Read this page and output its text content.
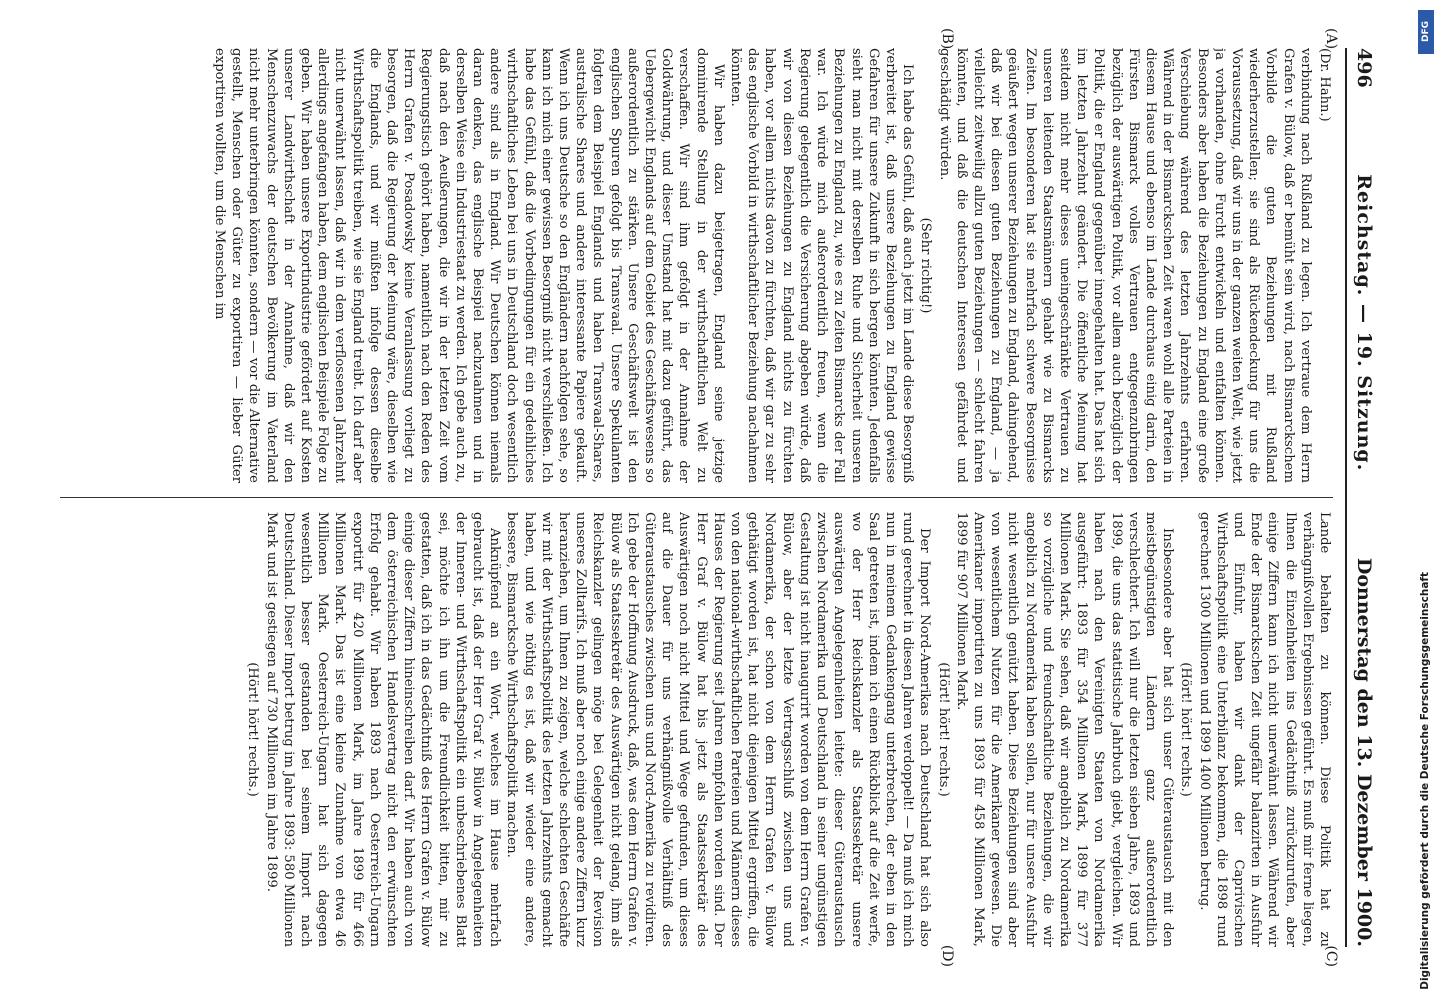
496
Reichstag. — 19. Sitzung.
Donnerstag den 13. Dezember 1900.
(A)
(B)
(C)
(D)
(Dr. Hahn.)

verbindung nach Rußland zu legen. Ich vertraue dem Herrn Grafen v. Bülow, daß er bemüht sein wird, nach Bismarckschem Vorbilde die guten Beziehungen mit Rußland wiederherzustellen; sie sind als Rückendeckung für uns die Voraussetzung, daß wir uns in der ganzen weiten Welt, wie jetzt ja vorhanden, ohne Furcht entwickeln und entfalten können. Besonders aber haben die Beziehungen zu England eine große Verschiebung während des letzten Jahrzehnts erfahren. Während in der Bismarckschen Zeit waren wohl alle Parteien in diesem Hause und ebenso im Lande durchaus einig darin, den Fürsten Bismarck volles Vertrauen entgegenzubringen bezüglich der auswärtigen Politik, vor allem auch bezüglich der Politik, die er England gegenüber innegehalten hat. Das hat sich im letzten Jahrzehnt geändert. Die öffentliche Meinung hat seitdem nicht mehr dieses uneingeschränkte Vertrauen zu unseren leitenden Staatsmännern gehabt wie zu Bismarcks Zeiten. Im besonderen hat sie mehrfach schwere Besorgnisse geäußert wegen unserer Beziehungen zu England, dahingehend, daß wir bei diesen guten Beziehungen zu England, — ja vielleicht zeitweilig allzu guten Beziehungen — schlecht fahren könnten, und daß die deutschen Interessen gefährdet und geschädigt würden.

(Sehr richtig!)

Ich habe das Gefühl, daß auch jetzt im Lande diese Besorgniß verbreitet ist, daß unsere Beziehungen zu England gewisse Gefahren für unsere Zukunft in sich bergen könnten. Jedenfalls sieht man nicht mit derselben Ruhe und Sicherheit unseren Beziehungen zu England zu, wie es zu Zeiten Bismarcks der Fall war. Ich würde mich außerordentlich freuen, wenn die Regierung gelegentlich die Versicherung abgeben würde, daß wir von diesen Beziehungen zu England nichts zu fürchten haben, vor allem nichts davon zu fürchten, daß wir gar zu sehr das englische Vorbild in wirthschaftlicher Beziehung nachahmen könnten.

Wir haben dazu beigetragen, England seine jetzige dominirende Stellung in der wirthschaftlichen Welt zu verschaffen. Wir sind ihm gefolgt in der Annahme der Goldwährung, und dieser Umstand hat mit dazu geführt, das Uebergewicht Englands auf dem Gebiet des Geschäftswesens so außerordentlich zu stärken. Unsere Geschäftswelt ist den englischen Spuren gefolgt bis Transvaal. Unsere Spekulanten folgten dem Beispiel Englands und haben Transvaal-Shares, australische Shares und andere interessante Papiere gekauft. Wenn ich uns Deutsche so den Engländern nachfolgen sehe, so kann ich mich einer gewissen Besorgniß nicht verschließen. Ich habe das Gefühl, daß die Vorbedingungen für ein gedeihliches wirthschaftliches Leben bei uns in Deutschland doch wesentlich andere sind als in England. Wir Deutschen können niemals daran denken, das englische Beispiel nachzuahmen und in derselben Weise ein Industriestaat zu werden. Ich gebe auch zu, daß nach den Aeußerungen, die wir in der letzten Zeit vom Regierungstisch gehört haben, namentlich nach den Reden des Herrn Grafen v. Posadowsky keine Veranlassung vorliegt zu besorgen, daß die Regierung der Meinung wäre, dieselben wie die Englands, und wir müßten infolge dessen dieselbe Wirthschaftspolitik treiben, wie sie England treibt. Ich darf aber nicht unerwähnt lassen, daß wir in dem verflossenen Jahrzehnt allerdings angefangen haben, dem englischen Beispiele Folge zu geben. Wir haben unsere Exportindustrie gefördert auf Kosten unserer Landwirthschaft in der Annahme, daß wir den Menschenzuwachs der deutschen Bevölkerung im Vaterland nicht mehr unterbringen könnten, sondern — vor die Alternative gestellt, Menschen oder Güter zu exportiren — lieber Güter exportiren wollten, um die Menschen im

Lande behalten zu können. Diese Politik hat zu verhängnißvollen Ergebnissen geführt. Es muß mir ferne liegen, Ihnen die Einzelnheiten ins Gedächtniß zurückzurufen, aber einige Ziffern kann ich nicht unerwähnt lassen. Während wir Ende der Bismarckschen Zeit ungefähr balanzirten in Ausfuhr und Einfuhr, haben wir dank der Caprivischen Wirthschaftspolitik eine Unterbilanz bekommen, die 1898 rund gerechnet 1300 Millionen und 1899 1400 Millionen betrug.

(Hört! hört! rechts.)

Insbesondere aber hat sich unser Güteraustausch mit den meistbegünstigten Ländern ganz außerordentlich verschlechtert. Ich will nur die letzten sieben Jahre, 1893 und 1899, die uns das statistische Jahrbuch giebt, vergleichen. Wir haben nach den Vereinigten Staaten von Nordamerika ausgeführt: 1893 für 354 Millionen Mark, 1899 für 377 Millionen Mark. Sie sehen, daß wir angeblich zu Nordamerika so vorzügliche und freundschaftliche Beziehungen, die wir angeblich zu Nordamerika haben sollen, nur für unsere Ausfuhr nicht wesentlich genützt haben. Diese Beziehungen sind aber von wesentlichem Nutzen für die Amerikaner gewesen. Die Amerikaner importirten zu uns 1893 für 458 Millionen Mark, 1899 für 907 Millionen Mark.

(Hört! hört! rechts.)

Der Import Nord-Amerikas nach Deutschland hat sich also rund gerechnet in diesen Jahren verdoppelt! — Da muß ich mich nun in meinem Gedankengang unterbrechen, der eben in den Saal getreten ist, indem ich einen Rückblick auf die Zeit werfe, wo der Herr Reichskanzler als Staatssekretär unsere auswärtigen Angelegenheiten leitete: dieser Güteraustausch zwischen Nordamerika und Deutschland in seiner ungünstigen Gestaltung ist nicht inaugurirt worden von dem Herrn Grafen v. Bülow, aber der letzte Vertragsschluß zwischen uns und Nordamerika, der schon von dem Herrn Grafen v. Bülow gethätigt worden ist, hat nicht diejenigen Mittel ergriffen, die von den national-wirthschaftlichen Parteien und Männern dieses Hauses der Regierung seit Jahren empfohlen worden sind. Der Herr Graf v. Bülow hat bis jetzt als Staatssekretär des Auswärtigen noch nicht Mittel und Wege gefunden, um dieses auf die Dauer für uns verhängnißvolle Verhältniß des Güteraustausches zwischen uns und Nord-Amerika zu revidiren. Ich gebe der Hoffnung Ausdruck, daß, was dem Herrn Grafen v. Bülow als Staatssekretär des Auswärtigen nicht gelang, ihm als Reichskanzler gelingen möge bei Gelegenheit der Revision unseres Zolltarifs. Ich muß aber noch einige andere Ziffern kurz heranziehen, um Ihnen zu zeigen, welche schlechten Geschäfte wir mit der Wirthschaftspolitik des letzten Jahrzehnts gemacht haben, und wie nöthig es ist, daß wir wieder eine andere, bessere, Bismarcksche Wirthschaftspolitik machen.

Anknüpfend an ein Wort, welches im Hause mehrfach gebraucht ist, daß der Herr Graf v. Bülow in Angelegenheiten der Inneren- und Wirthschaftspolitik ein unbeschriebenes Blatt sei, möchte ich ihn um die Freundlichkeit bitten, mir zu gestatten, daß ich in das Gedächtniß des Herrn Grafen v. Bülow einige dieser Ziffern hineinschreiben darf. Wir haben auch von dem österreichischen Handelsvertrag nicht den erwünschten Erfolg gehabt. Wir haben 1893 nach Oesterreich-Ungarn exportirt für 420 Millionen Mark, im Jahre 1899 für 466 Millionen Mark. Das ist eine kleine Zunahme von etwa 46 Millionen Mark. Oesterreich-Ungarn hat sich dagegen wesentlich besser gestanden bei seinem Import nach Deutschland. Dieser Import betrug im Jahre 1893: 580 Millionen Mark und ist gestiegen auf 730 Millionen im Jahre 1899.

(Hört! hört! rechts.)

DFG
Digitalisierung gefördert durch die Deutsche Forschungsgemeinschaft
